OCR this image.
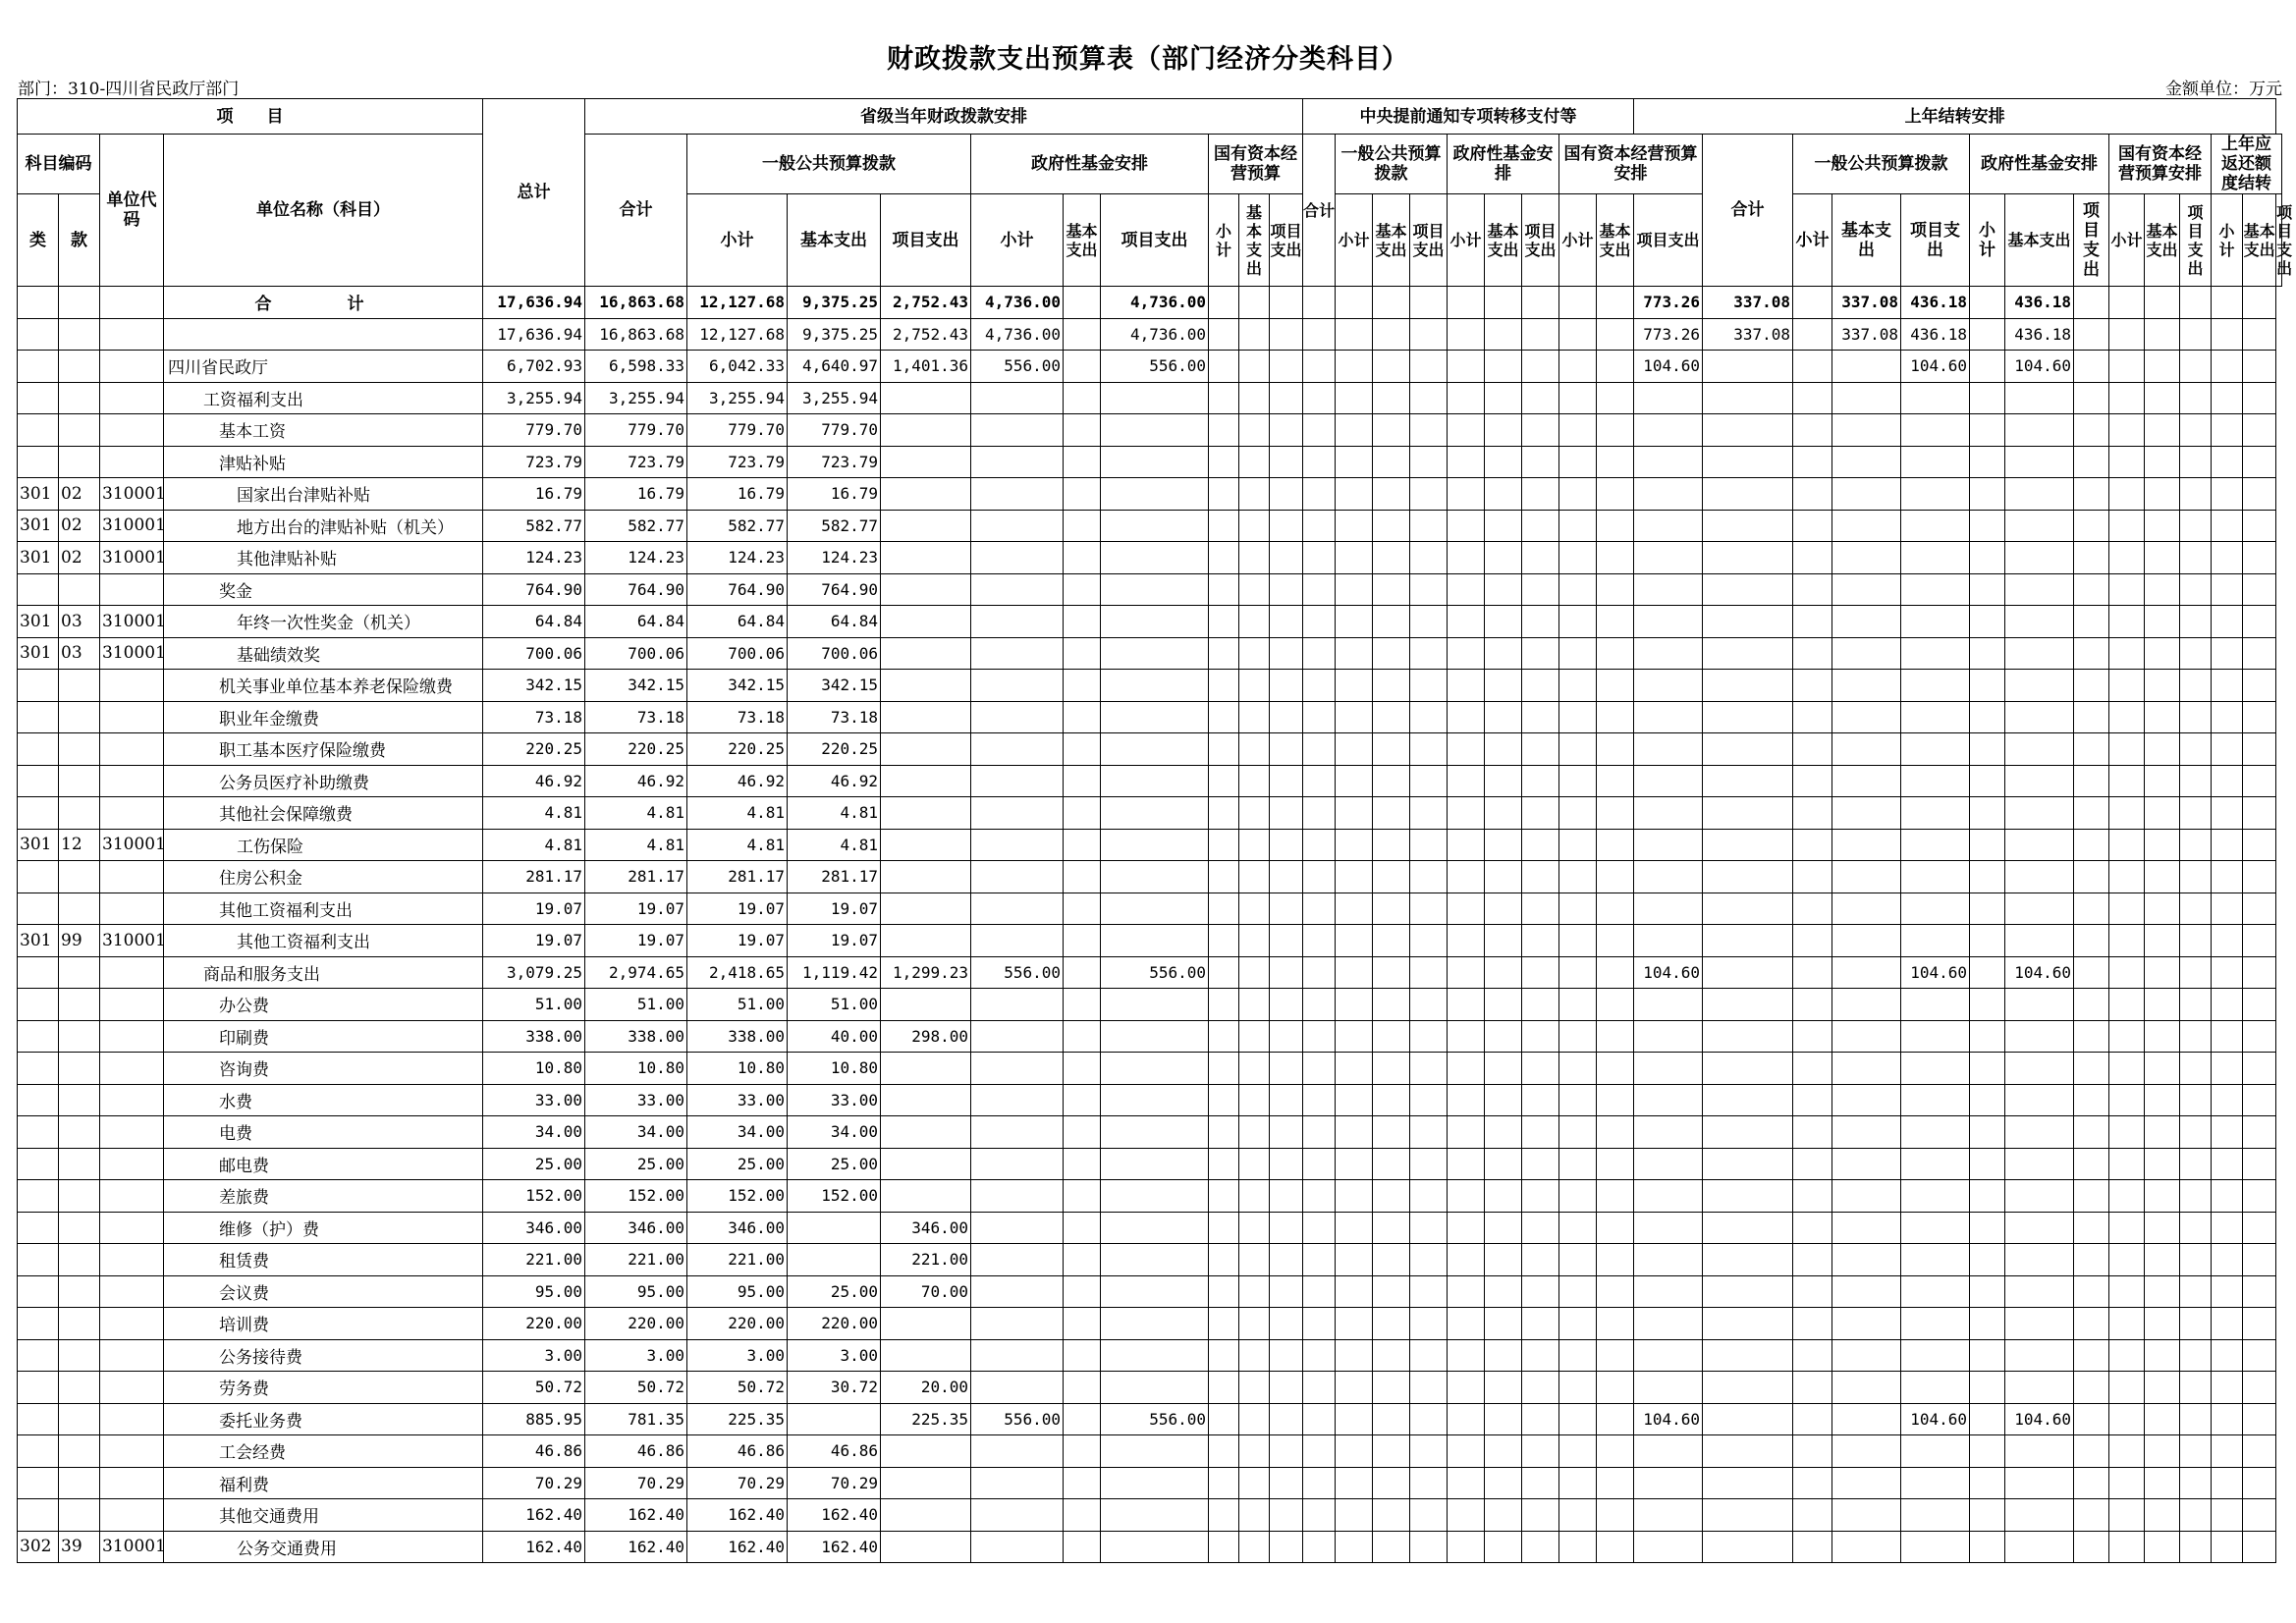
财政拨款支出预算表（部门经济分类科目）
部门：310-四川省民政厅部门	金额单位：万元
项　　目				总计	省级当年财政拨款安排										中央提前通知专项转移支付等									上年结转安排													
科目编码		单位代码	单位名称（科目）		合计	一般公共预算拨款			政府性基金安排			国有资本经营预算			合计	一般公共预算拨款			政府性基金安排			国有资本经营预算安排			合计	一般公共预算拨款			政府性基金安排			国有资本经营预算安排			上年应返还额度结转		
类	款					小计	基本支出	项目支出	小计	基本支出	项目支出	小计	基本支出	项目支出		小计	基本支出	项目支出	小计	基本支出	项目支出	小计	基本支出	项目支出		小计	基本支出	项目支出	小计	基本支出	项目支出	小计	基本支出	项目支出	小计	基本支出	项目支出
			合　计	17,636.94	16,863.68	12,127.68	9,375.25	2,752.43	4,736.00		4,736.00													773.26	337.08		337.08	436.18		436.18							
				17,636.94	16,863.68	12,127.68	9,375.25	2,752.43	4,736.00		4,736.00													773.26	337.08		337.08	436.18		436.18							
			四川省民政厅	6,702.93	6,598.33	6,042.33	4,640.97	1,401.36	556.00		556.00													104.60				104.60		104.60							
			工资福利支出	3,255.94	3,255.94	3,255.94	3,255.94																														
			基本工资	779.70	779.70	779.70	779.70																														
			津贴补贴	723.79	723.79	723.79	723.79																														
301	02	310001	国家出台津贴补贴	16.79	16.79	16.79	16.79																														
301	02	310001	地方出台的津贴补贴（机关）	582.77	582.77	582.77	582.77																														
301	02	310001	其他津贴补贴	124.23	124.23	124.23	124.23																														
			奖金	764.90	764.90	764.90	764.90																														
301	03	310001	年终一次性奖金（机关）	64.84	64.84	64.84	64.84																														
301	03	310001	基础绩效奖	700.06	700.06	700.06	700.06																														
			机关事业单位基本养老保险缴费	342.15	342.15	342.15	342.15																														
			职业年金缴费	73.18	73.18	73.18	73.18																														
			职工基本医疗保险缴费	220.25	220.25	220.25	220.25																														
			公务员医疗补助缴费	46.92	46.92	46.92	46.92																														
			其他社会保障缴费	4.81	4.81	4.81	4.81																														
301	12	310001	工伤保险	4.81	4.81	4.81	4.81																														
			住房公积金	281.17	281.17	281.17	281.17																														
			其他工资福利支出	19.07	19.07	19.07	19.07																														
301	99	310001	其他工资福利支出	19.07	19.07	19.07	19.07																														
			商品和服务支出	3,079.25	2,974.65	2,418.65	1,119.42	1,299.23	556.00		556.00													104.60				104.60		104.60							
			办公费	51.00	51.00	51.00	51.00																														
			印刷费	338.00	338.00	338.00	40.00	298.00																													
			咨询费	10.80	10.80	10.80	10.80																														
			水费	33.00	33.00	33.00	33.00																														
			电费	34.00	34.00	34.00	34.00																														
			邮电费	25.00	25.00	25.00	25.00																														
			差旅费	152.00	152.00	152.00	152.00																														
			维修（护）费	346.00	346.00	346.00		346.00																													
			租赁费	221.00	221.00	221.00		221.00																													
			会议费	95.00	95.00	95.00	25.00	70.00																													
			培训费	220.00	220.00	220.00	220.00																														
			公务接待费	3.00	3.00	3.00	3.00																														
			劳务费	50.72	50.72	50.72	30.72	20.00																													
			委托业务费	885.95	781.35	225.35		225.35	556.00		556.00													104.60				104.60		104.60							
			工会经费	46.86	46.86	46.86	46.86																														
			福利费	70.29	70.29	70.29	70.29																														
			其他交通费用	162.40	162.40	162.40	162.40																														
302	39	310001	公务交通费用	162.40	162.40	162.40	162.40																														
